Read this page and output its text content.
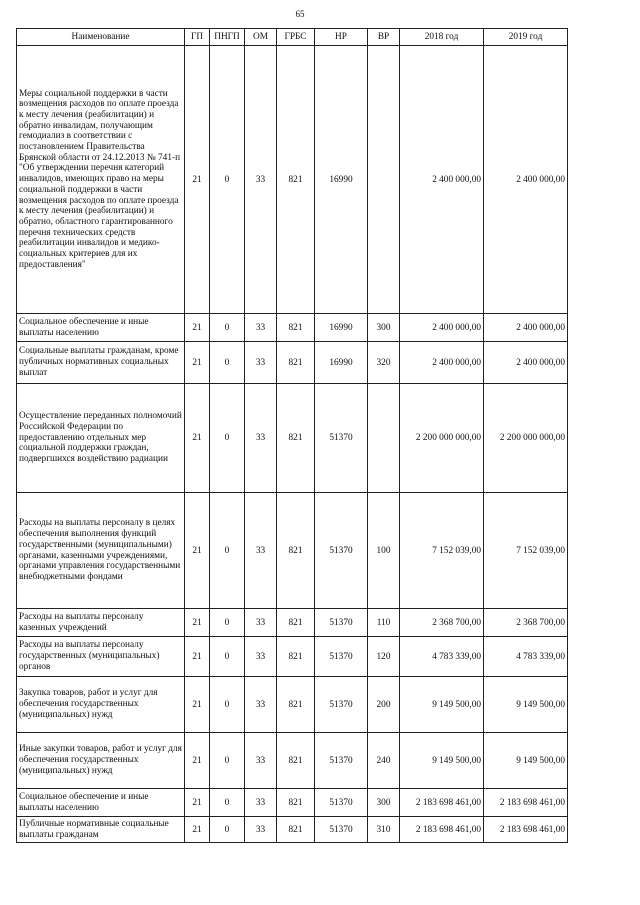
65
Наименование	ГП	ПНГП	ОМ	ГРБС	НР	ВР	2018 год	2019 год
Меры социальной поддержки в части возмещения расходов по оплате проезда к месту лечения (реабилитации) и обратно инвалидам, получающим гемодиализ в соответствии с постановлением Правительства Брянской области от 24.12.2013 № 741-п "Об утверждении перечня категорий инвалидов, имеющих право на меры социальной поддержки в части возмещения расходов по оплате проезда к месту лечения (реабилитации) и обратно, областного гарантированного перечня технических средств реабилитации инвалидов и медико-социальных критериев для их предоставления"	21	0	33	821	16990		2 400 000,00	2 400 000,00
Социальное обеспечение и иные выплаты населению	21	0	33	821	16990	300	2 400 000,00	2 400 000,00
Социальные выплаты гражданам, кроме публичных нормативных социальных выплат	21	0	33	821	16990	320	2 400 000,00	2 400 000,00
Осуществление переданных полномочий Российской Федерации по предоставлению отдельных мер социальной поддержки граждан, подвергшихся воздействию радиации	21	0	33	821	51370		2 200 000 000,00	2 200 000 000,00
Расходы на выплаты персоналу в целях обеспечения выполнения функций государственными (муниципальными) органами, казенными учреждениями, органами управления государственными внебюджетными фондами	21	0	33	821	51370	100	7 152 039,00	7 152 039,00
Расходы на выплаты персоналу казенных учреждений	21	0	33	821	51370	110	2 368 700,00	2 368 700,00
Расходы на выплаты персоналу государственных (муниципальных) органов	21	0	33	821	51370	120	4 783 339,00	4 783 339,00
Закупка товаров, работ и услуг для обеспечения государственных (муниципальных) нужд	21	0	33	821	51370	200	9 149 500,00	9 149 500,00
Иные закупки товаров, работ и услуг для обеспечения государственных (муниципальных) нужд	21	0	33	821	51370	240	9 149 500,00	9 149 500,00
Социальное обеспечение и иные выплаты населению	21	0	33	821	51370	300	2 183 698 461,00	2 183 698 461,00
Публичные нормативные социальные выплаты гражданам	21	0	33	821	51370	310	2 183 698 461,00	2 183 698 461,00
